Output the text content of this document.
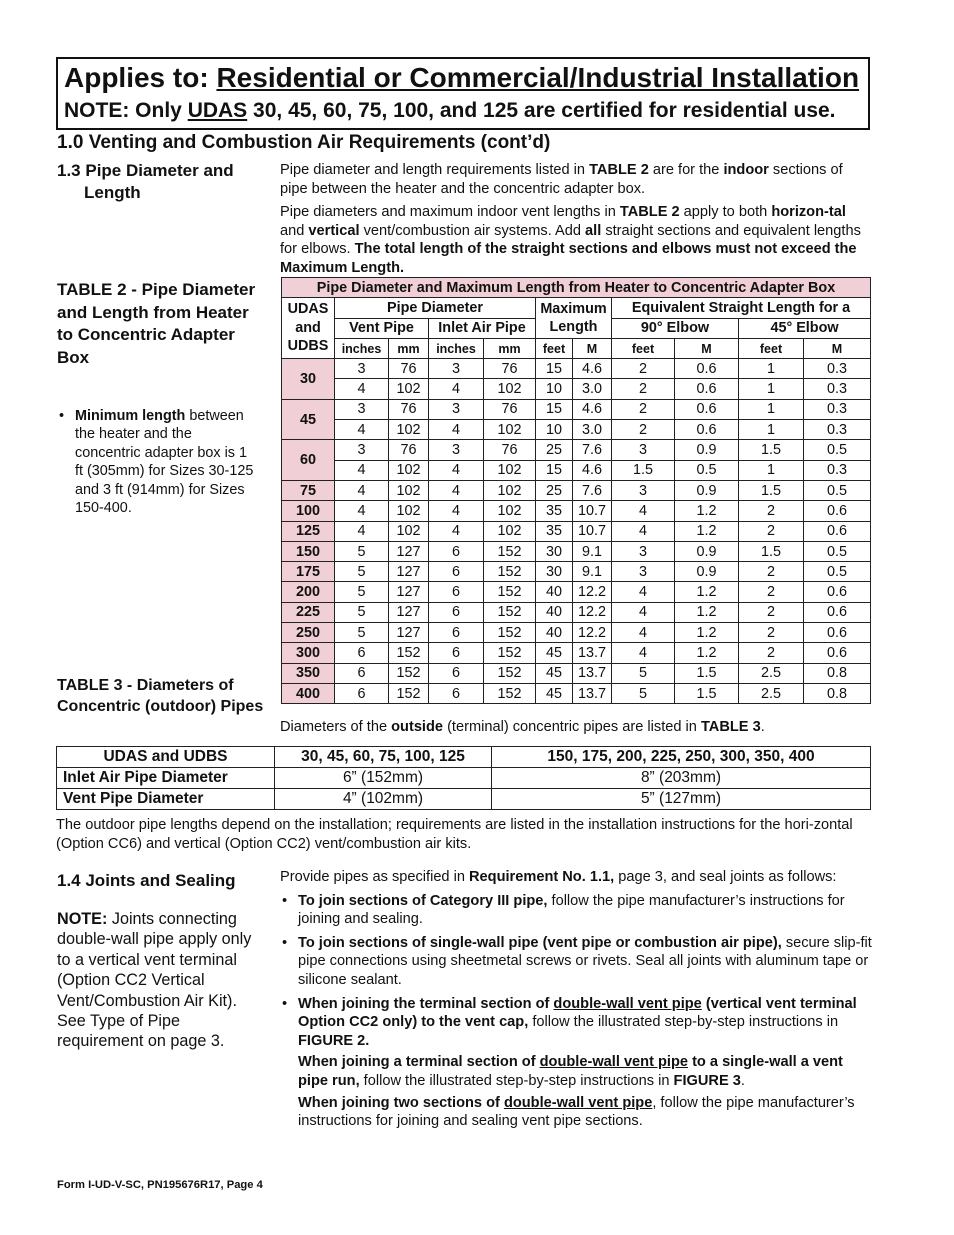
Applies to: Residential or Commercial/Industrial Installation
NOTE: Only UDAS 30, 45, 60, 75, 100, and 125 are certified for residential use.
1.0 Venting and Combustion Air Requirements (cont’d)
1.3 Pipe Diameter and
Length
Pipe diameter and length requirements listed in TABLE 2 are for the indoor sections of pipe between the heater and the concentric adapter box.
Pipe diameters and maximum indoor vent lengths in TABLE 2 apply to both horizon-tal and vertical vent/combustion air systems. Add all straight sections and equivalent lengths for elbows. The total length of the straight sections and elbows must not exceed the Maximum Length.
TABLE 2 - Pipe Diameter and Length from Heater to Concentric Adapter Box
• Minimum length between the heater and the concentric adapter box is 1 ft (305mm) for Sizes 30-125 and 3 ft (914mm) for Sizes 150-400.
Pipe Diameter and Maximum Length from Heater to Concentric Adapter Box										
UDAS and UDBS	Pipe Diameter				Maximum Length		Equivalent Straight Length for a			
	Vent Pipe		Inlet Air Pipe				90° Elbow		45° Elbow	
	inches	mm	inches	mm	feet	M	feet	M	feet	M
30	3	76	3	76	15	4.6	2	0.6	1	0.3
	4	102	4	102	10	3.0	2	0.6	1	0.3
45	3	76	3	76	15	4.6	2	0.6	1	0.3
	4	102	4	102	10	3.0	2	0.6	1	0.3
60	3	76	3	76	25	7.6	3	0.9	1.5	0.5
	4	102	4	102	15	4.6	1.5	0.5	1	0.3
75	4	102	4	102	25	7.6	3	0.9	1.5	0.5
100	4	102	4	102	35	10.7	4	1.2	2	0.6
125	4	102	4	102	35	10.7	4	1.2	2	0.6
150	5	127	6	152	30	9.1	3	0.9	1.5	0.5
175	5	127	6	152	30	9.1	3	0.9	2	0.5
200	5	127	6	152	40	12.2	4	1.2	2	0.6
225	5	127	6	152	40	12.2	4	1.2	2	0.6
250	5	127	6	152	40	12.2	4	1.2	2	0.6
300	6	152	6	152	45	13.7	4	1.2	2	0.6
350	6	152	6	152	45	13.7	5	1.5	2.5	0.8
400	6	152	6	152	45	13.7	5	1.5	2.5	0.8
TABLE 3 - Diameters of Concentric (outdoor) Pipes
Diameters of the outside (terminal) concentric pipes are listed in TABLE 3.
UDAS and UDBS	30, 45, 60, 75, 100, 125	150, 175, 200, 225, 250, 300, 350, 400
Inlet Air Pipe Diameter	6” (152mm)	8” (203mm)
Vent Pipe Diameter	4” (102mm)	5” (127mm)
The outdoor pipe lengths depend on the installation; requirements are listed in the installation instructions for the hori-zontal (Option CC6) and vertical (Option CC2) vent/combustion air kits.
1.4 Joints and Sealing
NOTE: Joints connecting double-wall pipe apply only to a vertical vent terminal (Option CC2 Vertical Vent/Combustion Air Kit). See Type of Pipe requirement on page 3.
Provide pipes as specified in Requirement No. 1.1, page 3, and seal joints as follows:
• To join sections of Category III pipe, follow the pipe manufacturer’s instructions for joining and sealing.
• To join sections of single-wall pipe (vent pipe or combustion air pipe), secure slip-fit pipe connections using sheetmetal screws or rivets. Seal all joints with aluminum tape or silicone sealant.
• When joining the terminal section of double-wall vent pipe (vertical vent terminal Option CC2 only) to the vent cap, follow the illustrated step-by-step instructions in FIGURE 2.
When joining a terminal section of double-wall vent pipe to a single-wall a vent pipe run, follow the illustrated step-by-step instructions in FIGURE 3.
When joining two sections of double-wall vent pipe, follow the pipe manufacturer’s instructions for joining and sealing vent pipe sections.
Form I-UD-V-SC, PN195676R17, Page 4
